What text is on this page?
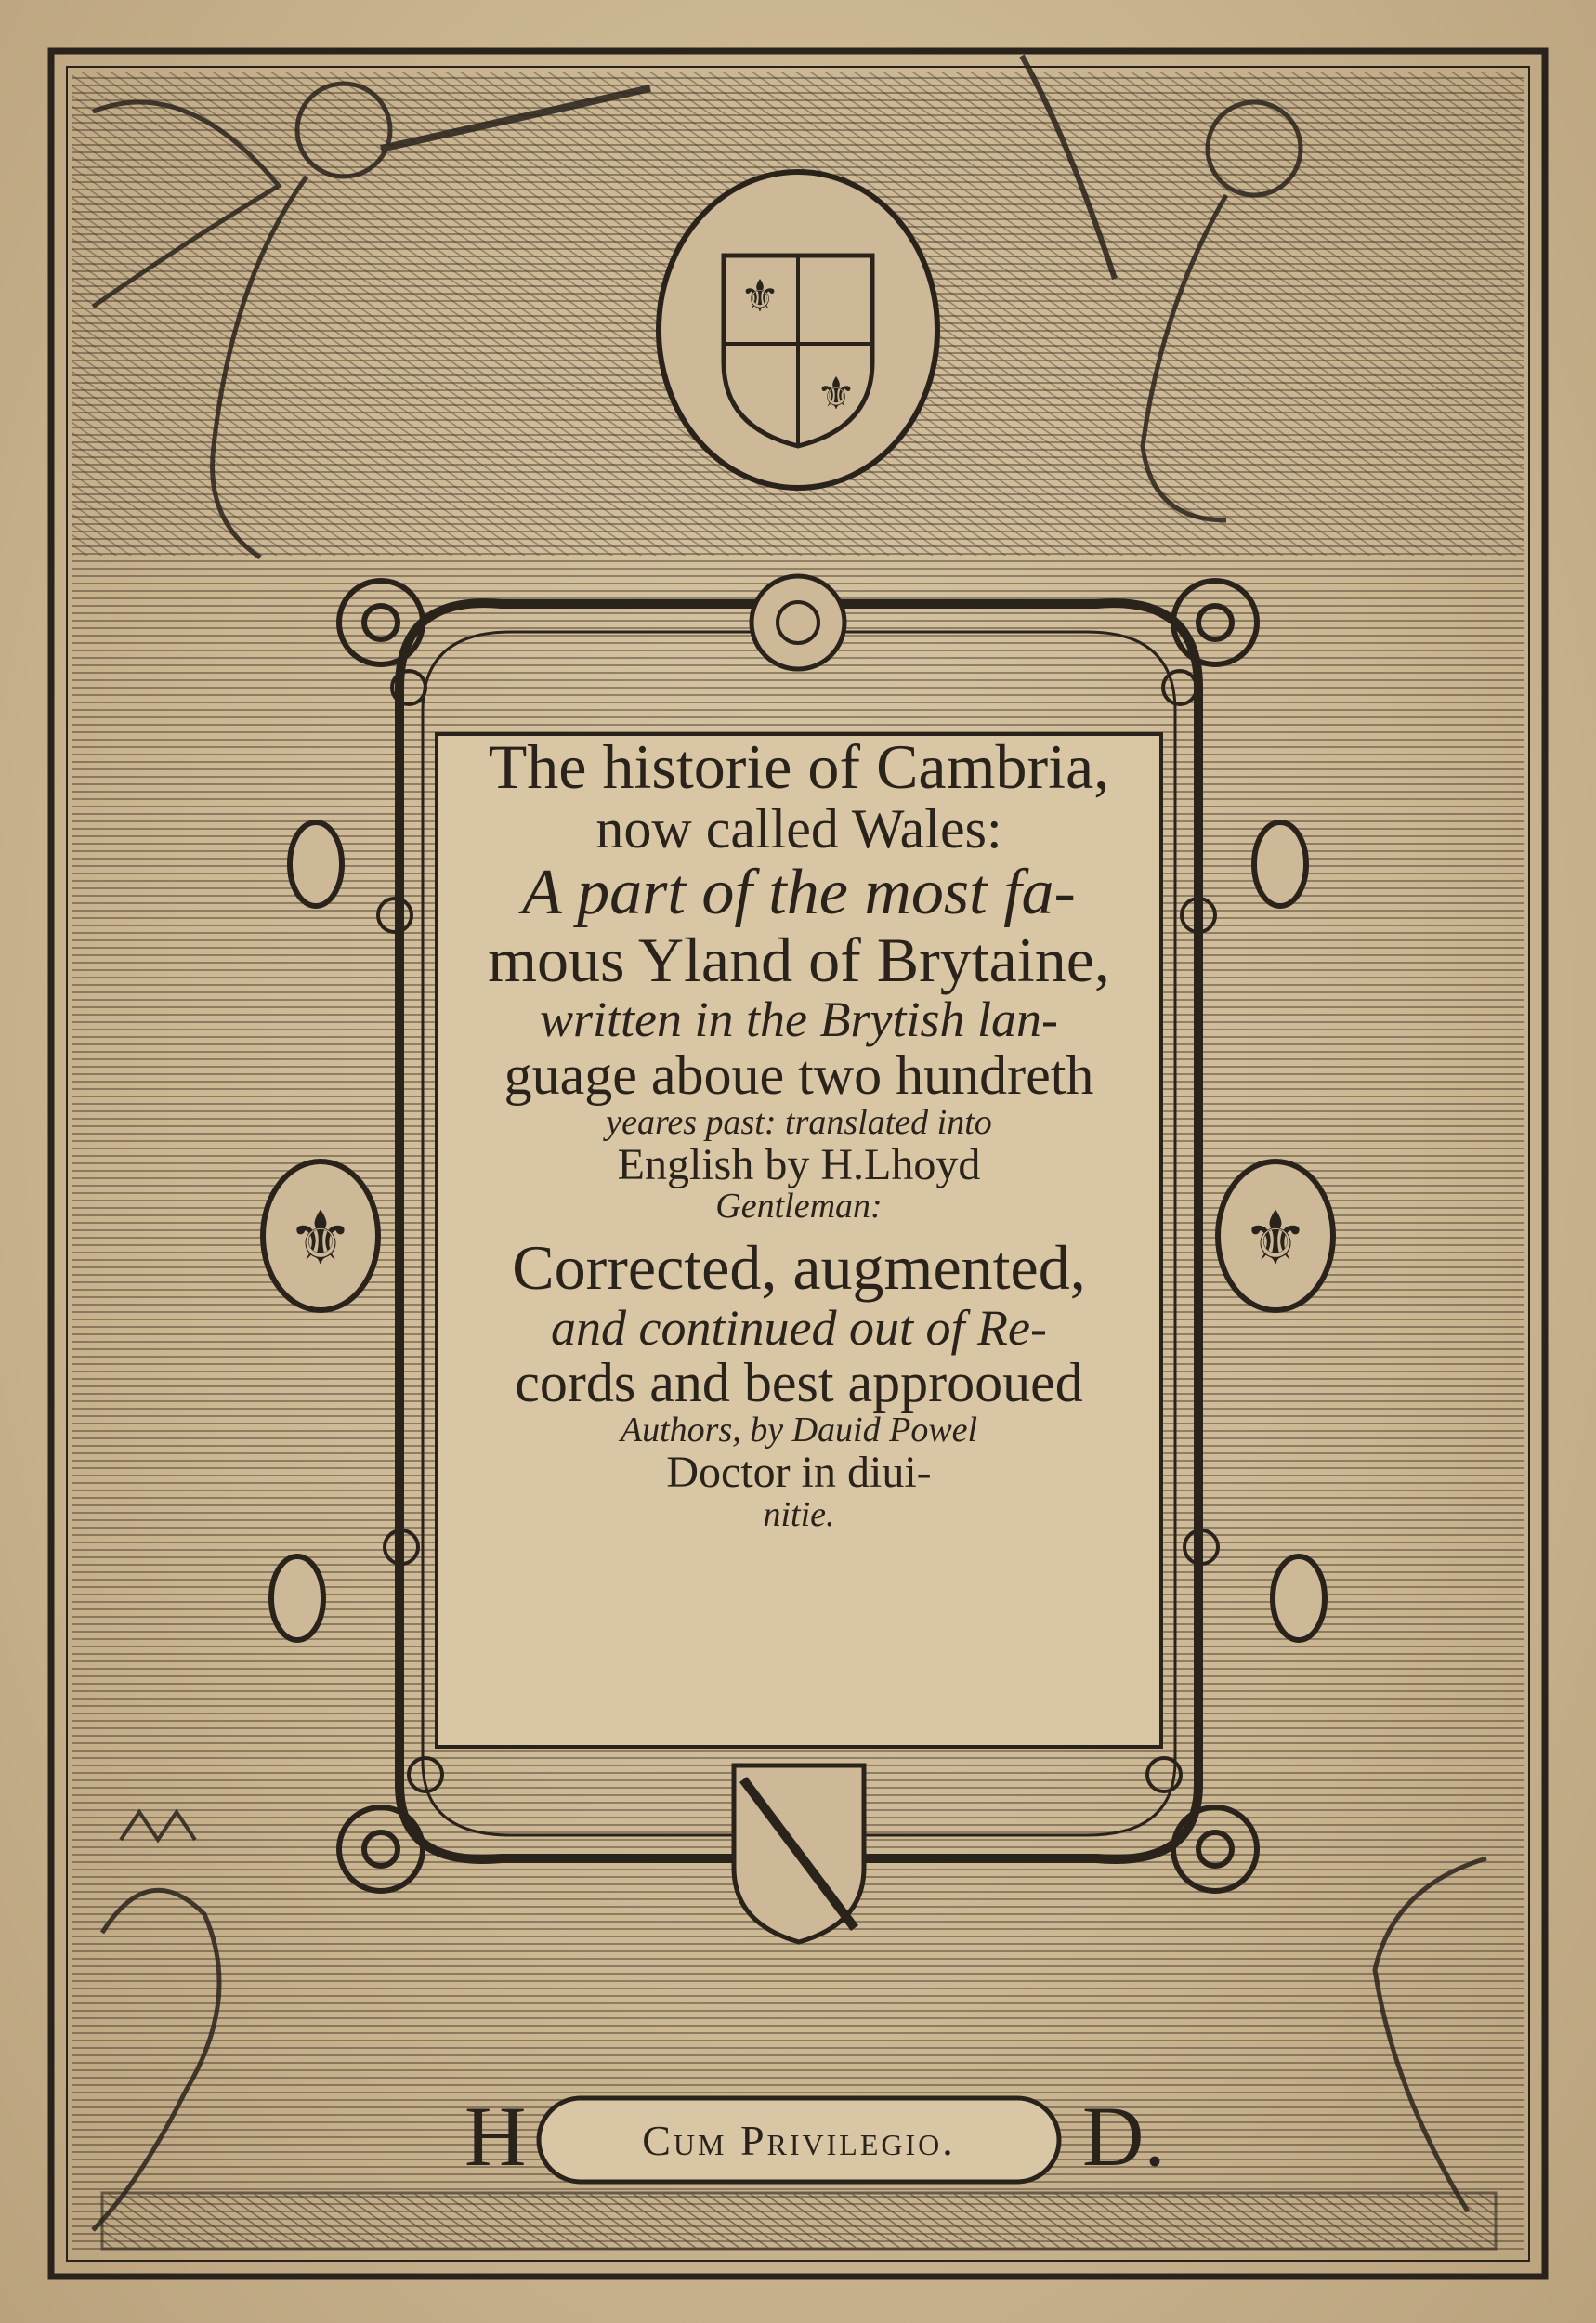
⚜
⚜
⚜	⚜
The historie of Cambria,
now called Wales:
A part of the most fa-
mous Yland of Brytaine,
written in the Brytish lan-
guage aboue two hundreth
yeares past: translated into
English by H.Lhoyd
Gentleman:
Corrected, augmented,
and continued out of Re-
cords and best approoued
Authors, by Dauid Powel
Doctor in diui-
nitie.
Cum Privilegio.
H	D.
